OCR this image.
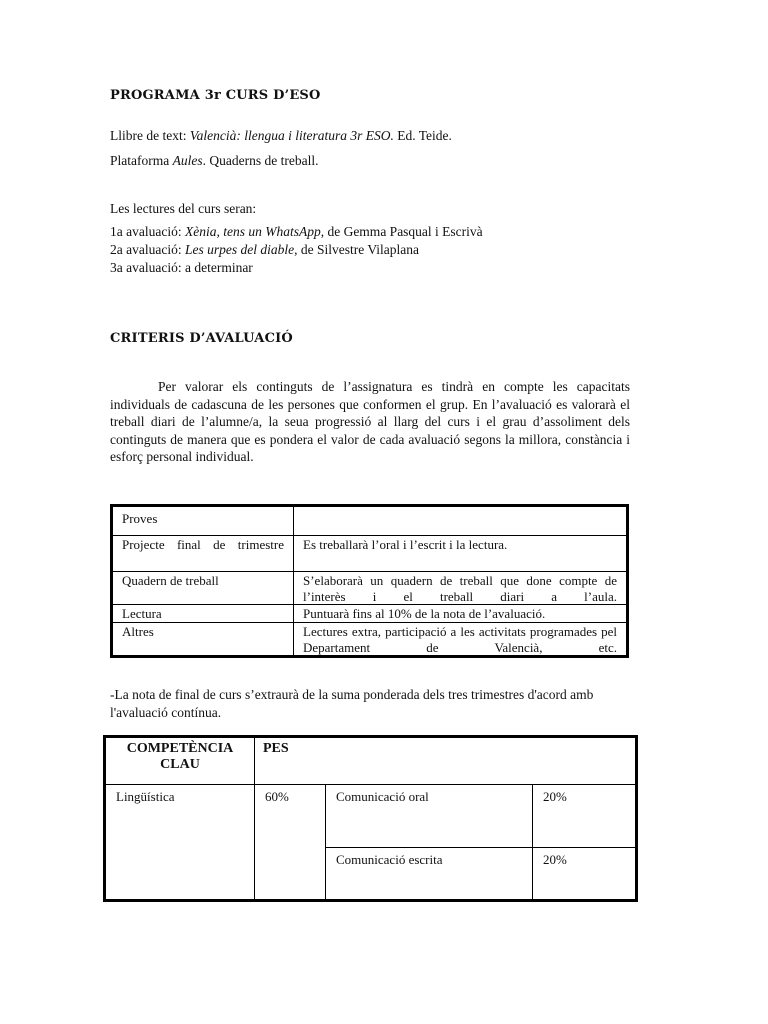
PROGRAMA 3r CURS D’ESO
Llibre de text: Valencià: llengua i literatura 3r ESO. Ed. Teide.
Plataforma Aules. Quaderns de treball.
Les lectures del curs seran:
1a avaluació: Xènia, tens un WhatsApp, de Gemma Pasqual i Escrivà
2a avaluació: Les urpes del diable, de Silvestre Vilaplana
3a avaluació: a determinar
CRITERIS D’AVALUACIÓ
Per valorar els continguts de l’assignatura es tindrà en compte les capacitats individuals de cadascuna de les persones que conformen el grup. En l’avaluació es valorarà el treball diari de l’alumne/a, la seua progressió al llarg del curs i el grau d’assoliment dels continguts de manera que es pondera el valor de cada avaluació segons la millora, constància i esforç personal individual.
Proves	
Projecte final de trimestre	Es treballarà l’oral i l’escrit i la lectura.
Quadern de treball	S’elaborarà un quadern de treball que done compte de l’interès i el treball diari a l’aula.
Lectura	Puntuarà fins al 10% de la nota de l’avaluació.
Altres	Lectures extra, participació a les activitats programades pel Departament de Valencià, etc.
-La nota de final de curs s’extraurà de la suma ponderada dels tres trimestres d'acord amb l'avaluació contínua.
COMPETÈNCIA CLAU	PES		
Lingüística	60%	Comunicació oral	20%
		Comunicació escrita	20%
